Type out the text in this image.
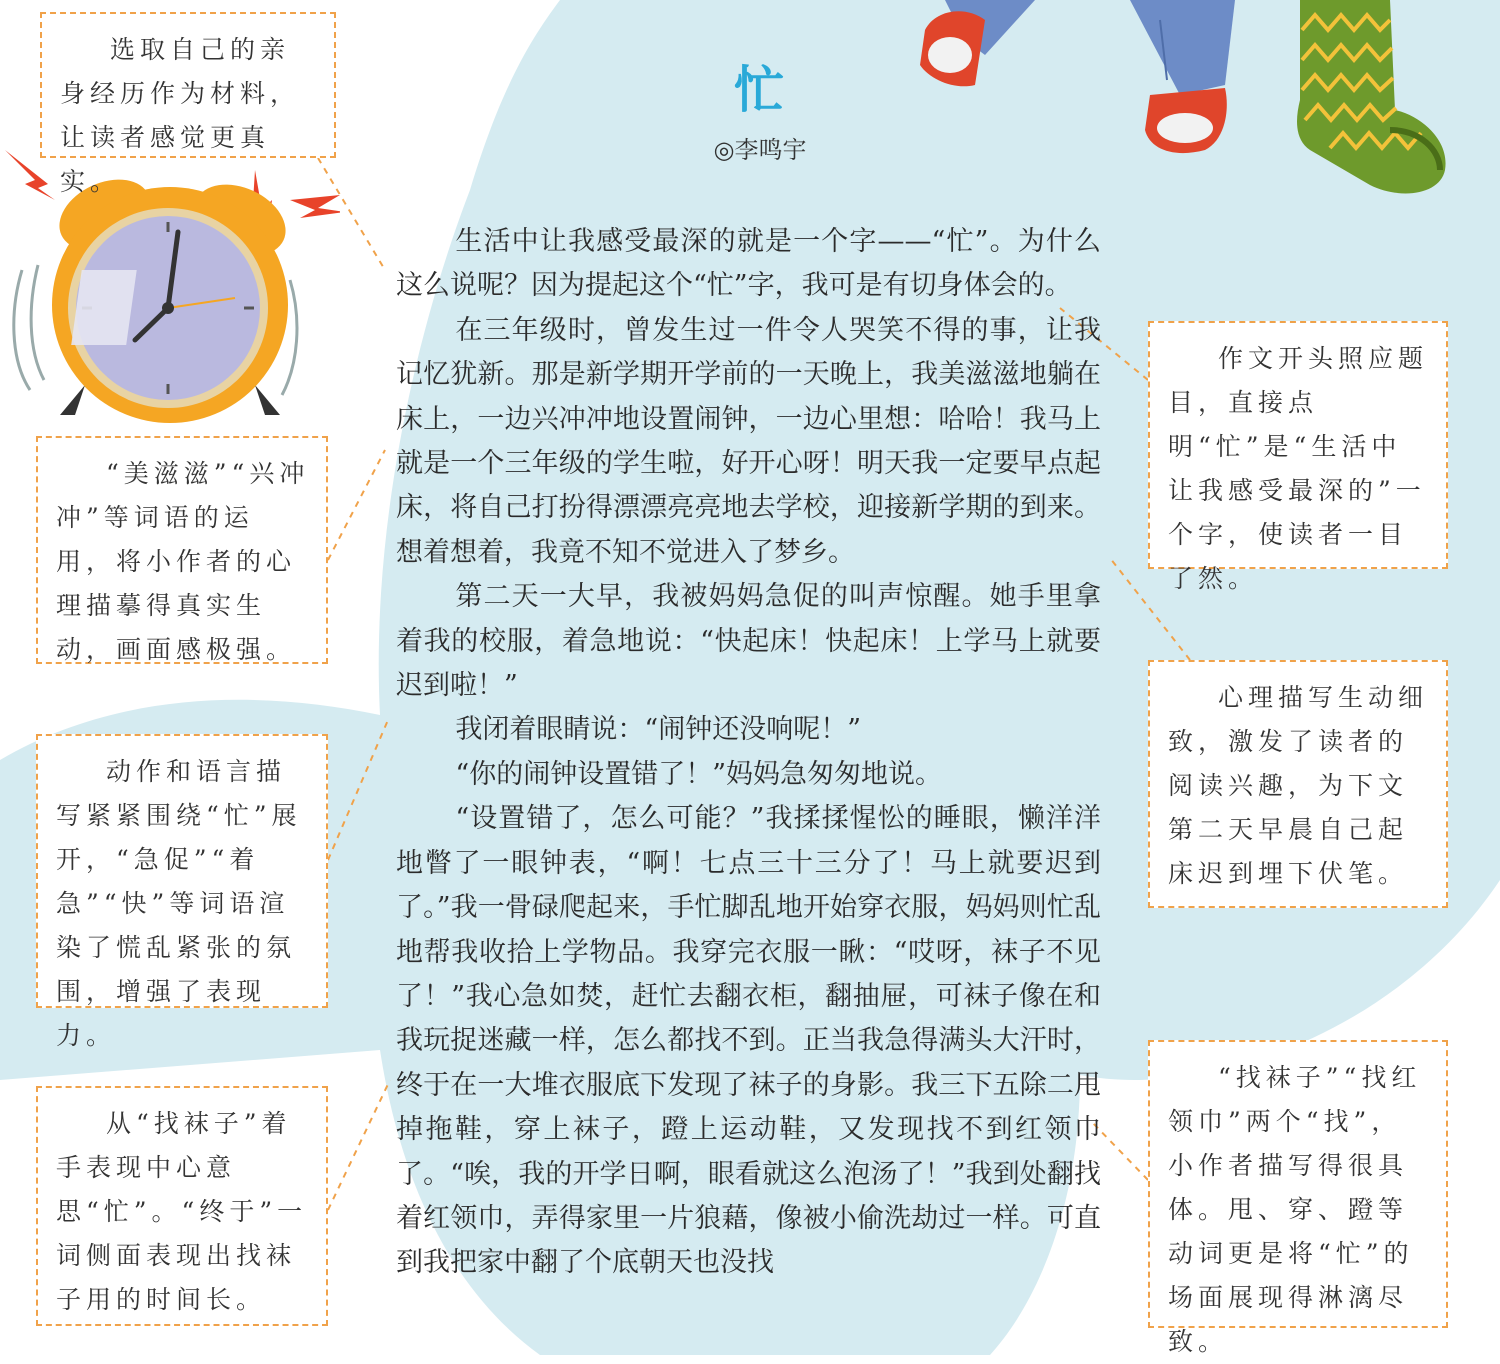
忙
◎李鸣宇

生活中让我感受最深的就是一个字——“忙”。为什么这么说呢？因为提起这个“忙”字，我可是有切身体会的。

在三年级时，曾发生过一件令人哭笑不得的事，让我记忆犹新。那是新学期开学前的一天晚上，我美滋滋地躺在床上，一边兴冲冲地设置闹钟，一边心里想：哈哈！我马上就是一个三年级的学生啦，好开心呀！明天我一定要早点起床，将自己打扮得漂漂亮亮地去学校，迎接新学期的到来。想着想着，我竟不知不觉进入了梦乡。

第二天一大早，我被妈妈急促的叫声惊醒。她手里拿着我的校服，着急地说：“快起床！快起床！上学马上就要迟到啦！”

我闭着眼睛说：“闹钟还没响呢！”

“你的闹钟设置错了！”妈妈急匆匆地说。

“设置错了，怎么可能？”我揉揉惺忪的睡眼，懒洋洋地瞥了一眼钟表，“啊！七点三十三分了！马上就要迟到了。”我一骨碌爬起来，手忙脚乱地开始穿衣服，妈妈则忙乱地帮我收拾上学物品。我穿完衣服一瞅：“哎呀，袜子不见了！”我心急如焚，赶忙去翻衣柜，翻抽屉，可袜子像在和我玩捉迷藏一样，怎么都找不到。正当我急得满头大汗时，终于在一大堆衣服底下发现了袜子的身影。我三下五除二甩掉拖鞋，穿上袜子，蹬上运动鞋，又发现找不到红领巾了。“唉，我的开学日啊，眼看就这么泡汤了！”我到处翻找着红领巾，弄得家里一片狼藉，像被小偷洗劫过一样。可直到我把家中翻了个底朝天也没找

选取自己的亲身经历作为材料，让读者感觉更真实。
“美滋滋”“兴冲冲”等词语的运用，将小作者的心理描摹得真实生动，画面感极强。
动作和语言描写紧紧围绕“忙”展开，“急促”“着急”“快”等词语渲染了慌乱紧张的氛围，增强了表现力。
从“找袜子”着手表现中心意思“忙”。“终于”一词侧面表现出找袜子用的时间长。
作文开头照应题目，直接点明“忙”是“生活中让我感受最深的”一个字，使读者一目了然。
心理描写生动细致，激发了读者的阅读兴趣，为下文第二天早晨自己起床迟到埋下伏笔。
“找袜子”“找红领巾”两个“找”，小作者描写得很具体。甩、穿、蹬等动词更是将“忙”的场面展现得淋漓尽致。
